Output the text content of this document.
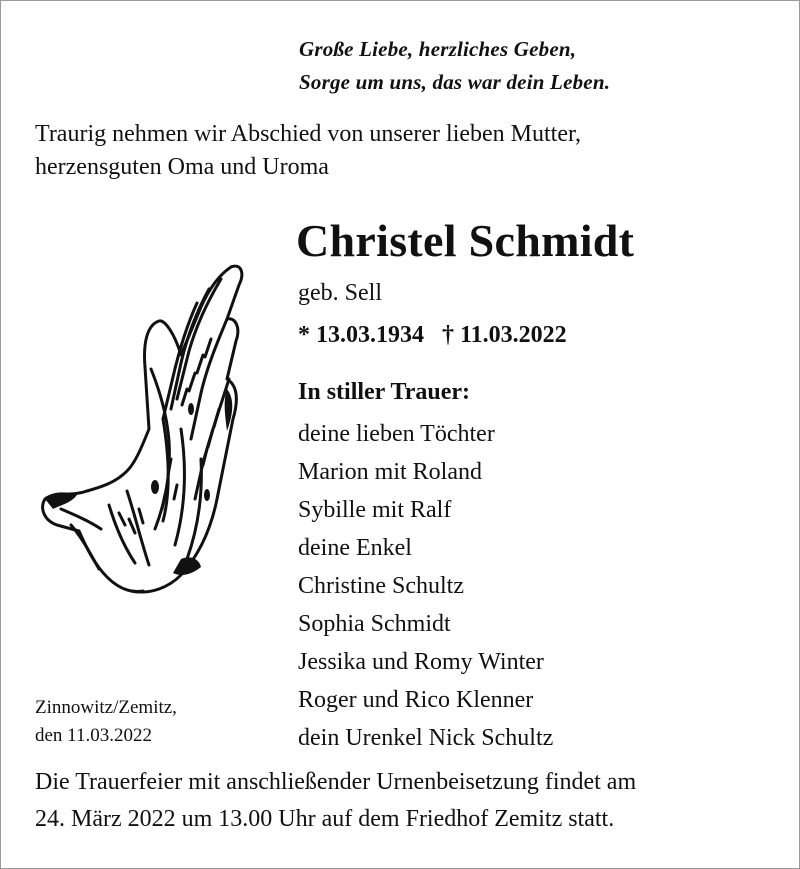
Große Liebe, herzliches Geben,
Sorge um uns, das war dein Leben.
Traurig nehmen wir Abschied von unserer lieben Mutter,
herzensguten Oma und Uroma
Christel Schmidt
geb. Sell
* 13.03.1934 † 11.03.2022
In stiller Trauer:
deine lieben Töchter
Marion mit Roland
Sybille mit Ralf
deine Enkel
Christine Schultz
Sophia Schmidt
Jessika und Romy Winter
Roger und Rico Klenner
dein Urenkel Nick Schultz
Zinnowitz/Zemitz,
den 11.03.2022
Die Trauerfeier mit anschließender Urnenbeisetzung findet am
24. März 2022 um 13.00 Uhr auf dem Friedhof Zemitz statt.
